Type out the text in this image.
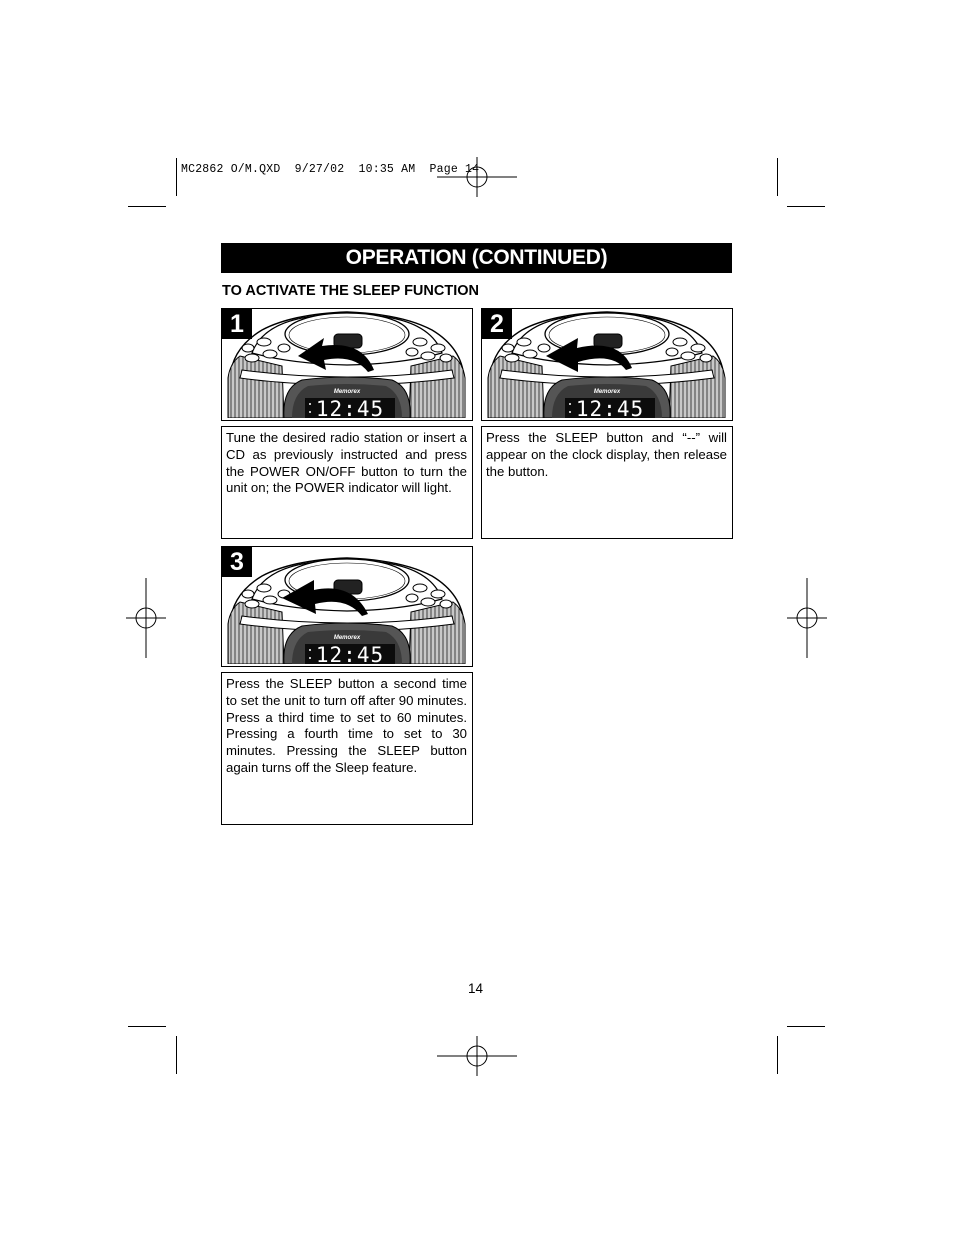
MC2862 O/M.QXD  9/27/02  10:35 AM  Page 14
OPERATION (CONTINUED)
TO ACTIVATE THE SLEEP FUNCTION
Memorex
12:45
1
Tune the desired radio station or insert a CD as previously instructed and press the POWER ON/OFF button to turn the unit on; the POWER indicator will light.
Memorex
12:45
2
Press the SLEEP button and “--” will appear on the clock display, then release the button.
Memorex
12:45
3
Press the SLEEP button a second time to set the unit to turn off after 90 minutes. Press a third time to set to 60 minutes. Pressing a fourth time to set to 30 minutes. Pressing the SLEEP button again turns off the Sleep feature.
14
